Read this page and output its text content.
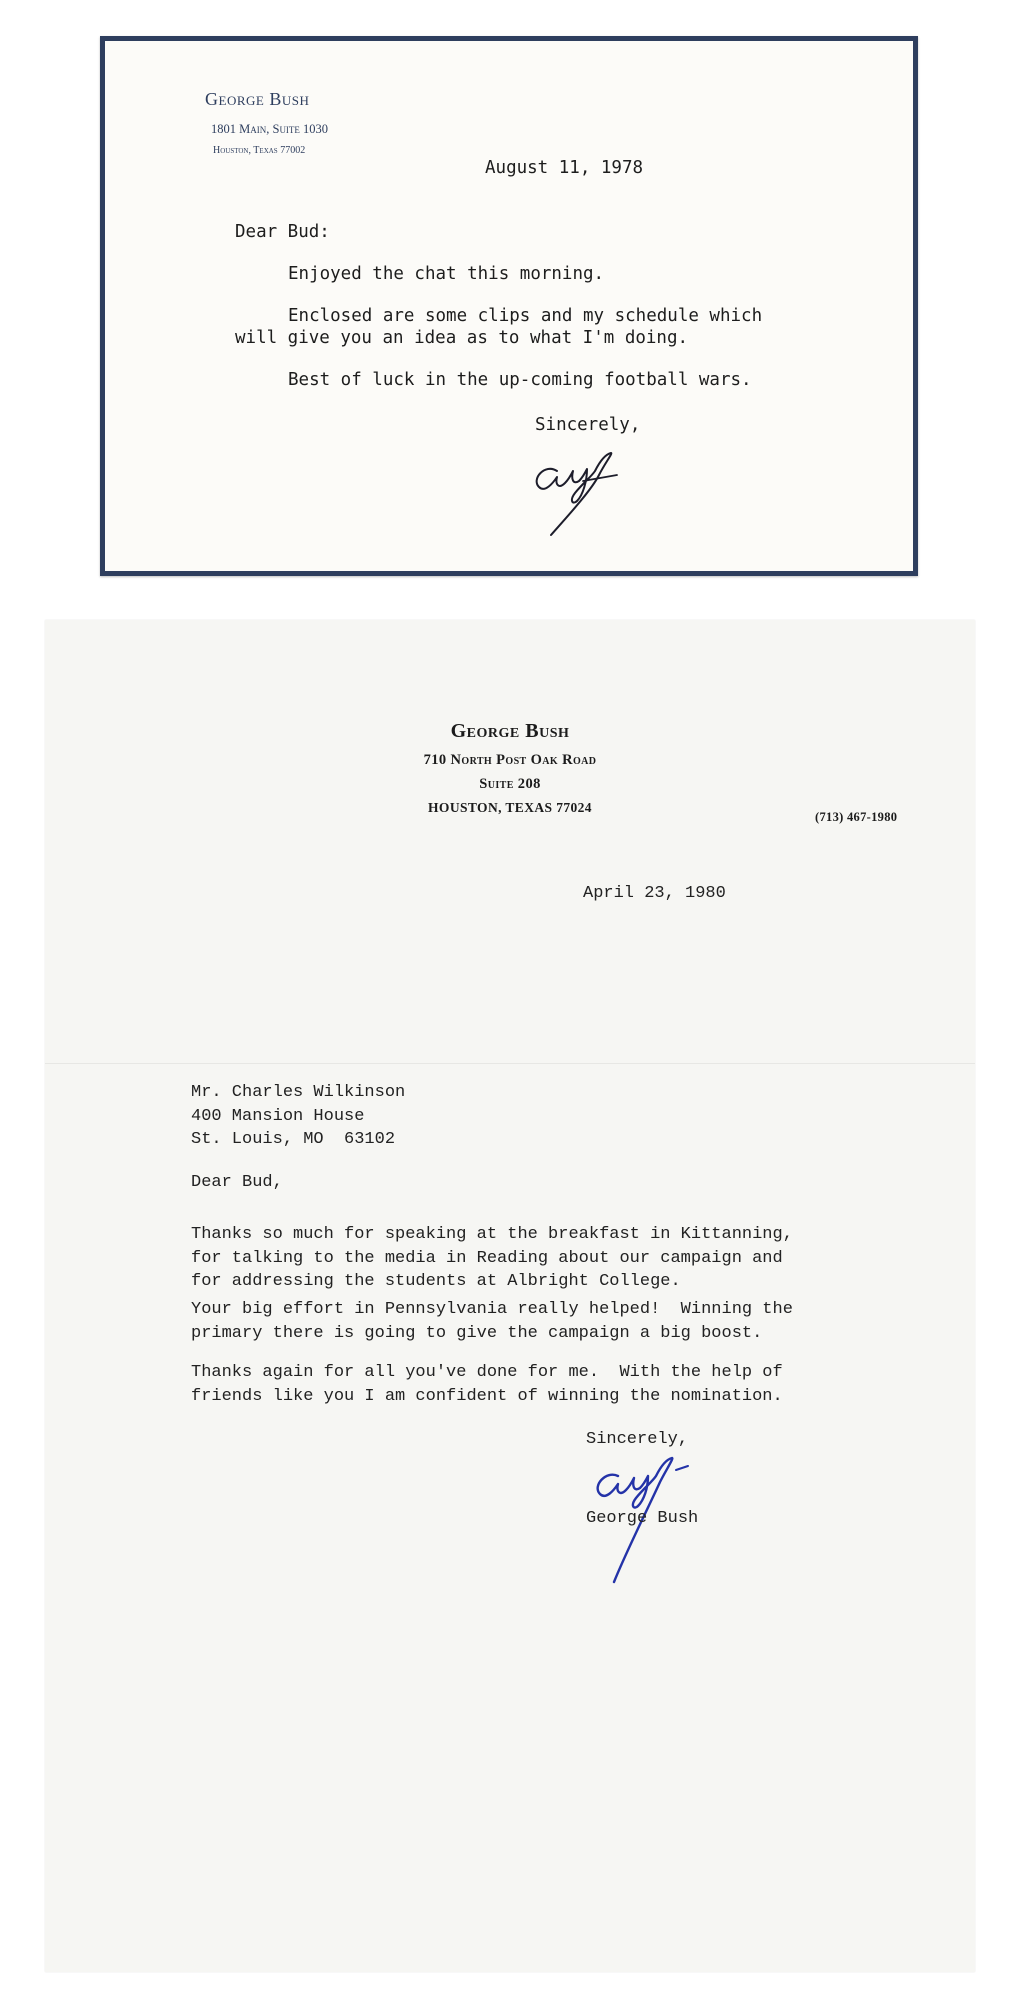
George Bush
1801 Main, Suite 1030
Houston, Texas 77002
August 11, 1978
Dear Bud:
Enjoyed the chat this morning.
Enclosed are some clips and my schedule which
will give you an idea as to what I'm doing.
Best of luck in the up-coming football wars.
Sincerely,
George Bush
710 North Post Oak Road
Suite 208
HOUSTON, TEXAS 77024
(713) 467-1980
April 23, 1980
Mr. Charles Wilkinson
400 Mansion House
St. Louis, MO  63102
Dear Bud,
Thanks so much for speaking at the breakfast in Kittanning,
for talking to the media in Reading about our campaign and
for addressing the students at Albright College.
Your big effort in Pennsylvania really helped!  Winning the
primary there is going to give the campaign a big boost.
Thanks again for all you've done for me.  With the help of
friends like you I am confident of winning the nomination.
Sincerely,
George Bush
